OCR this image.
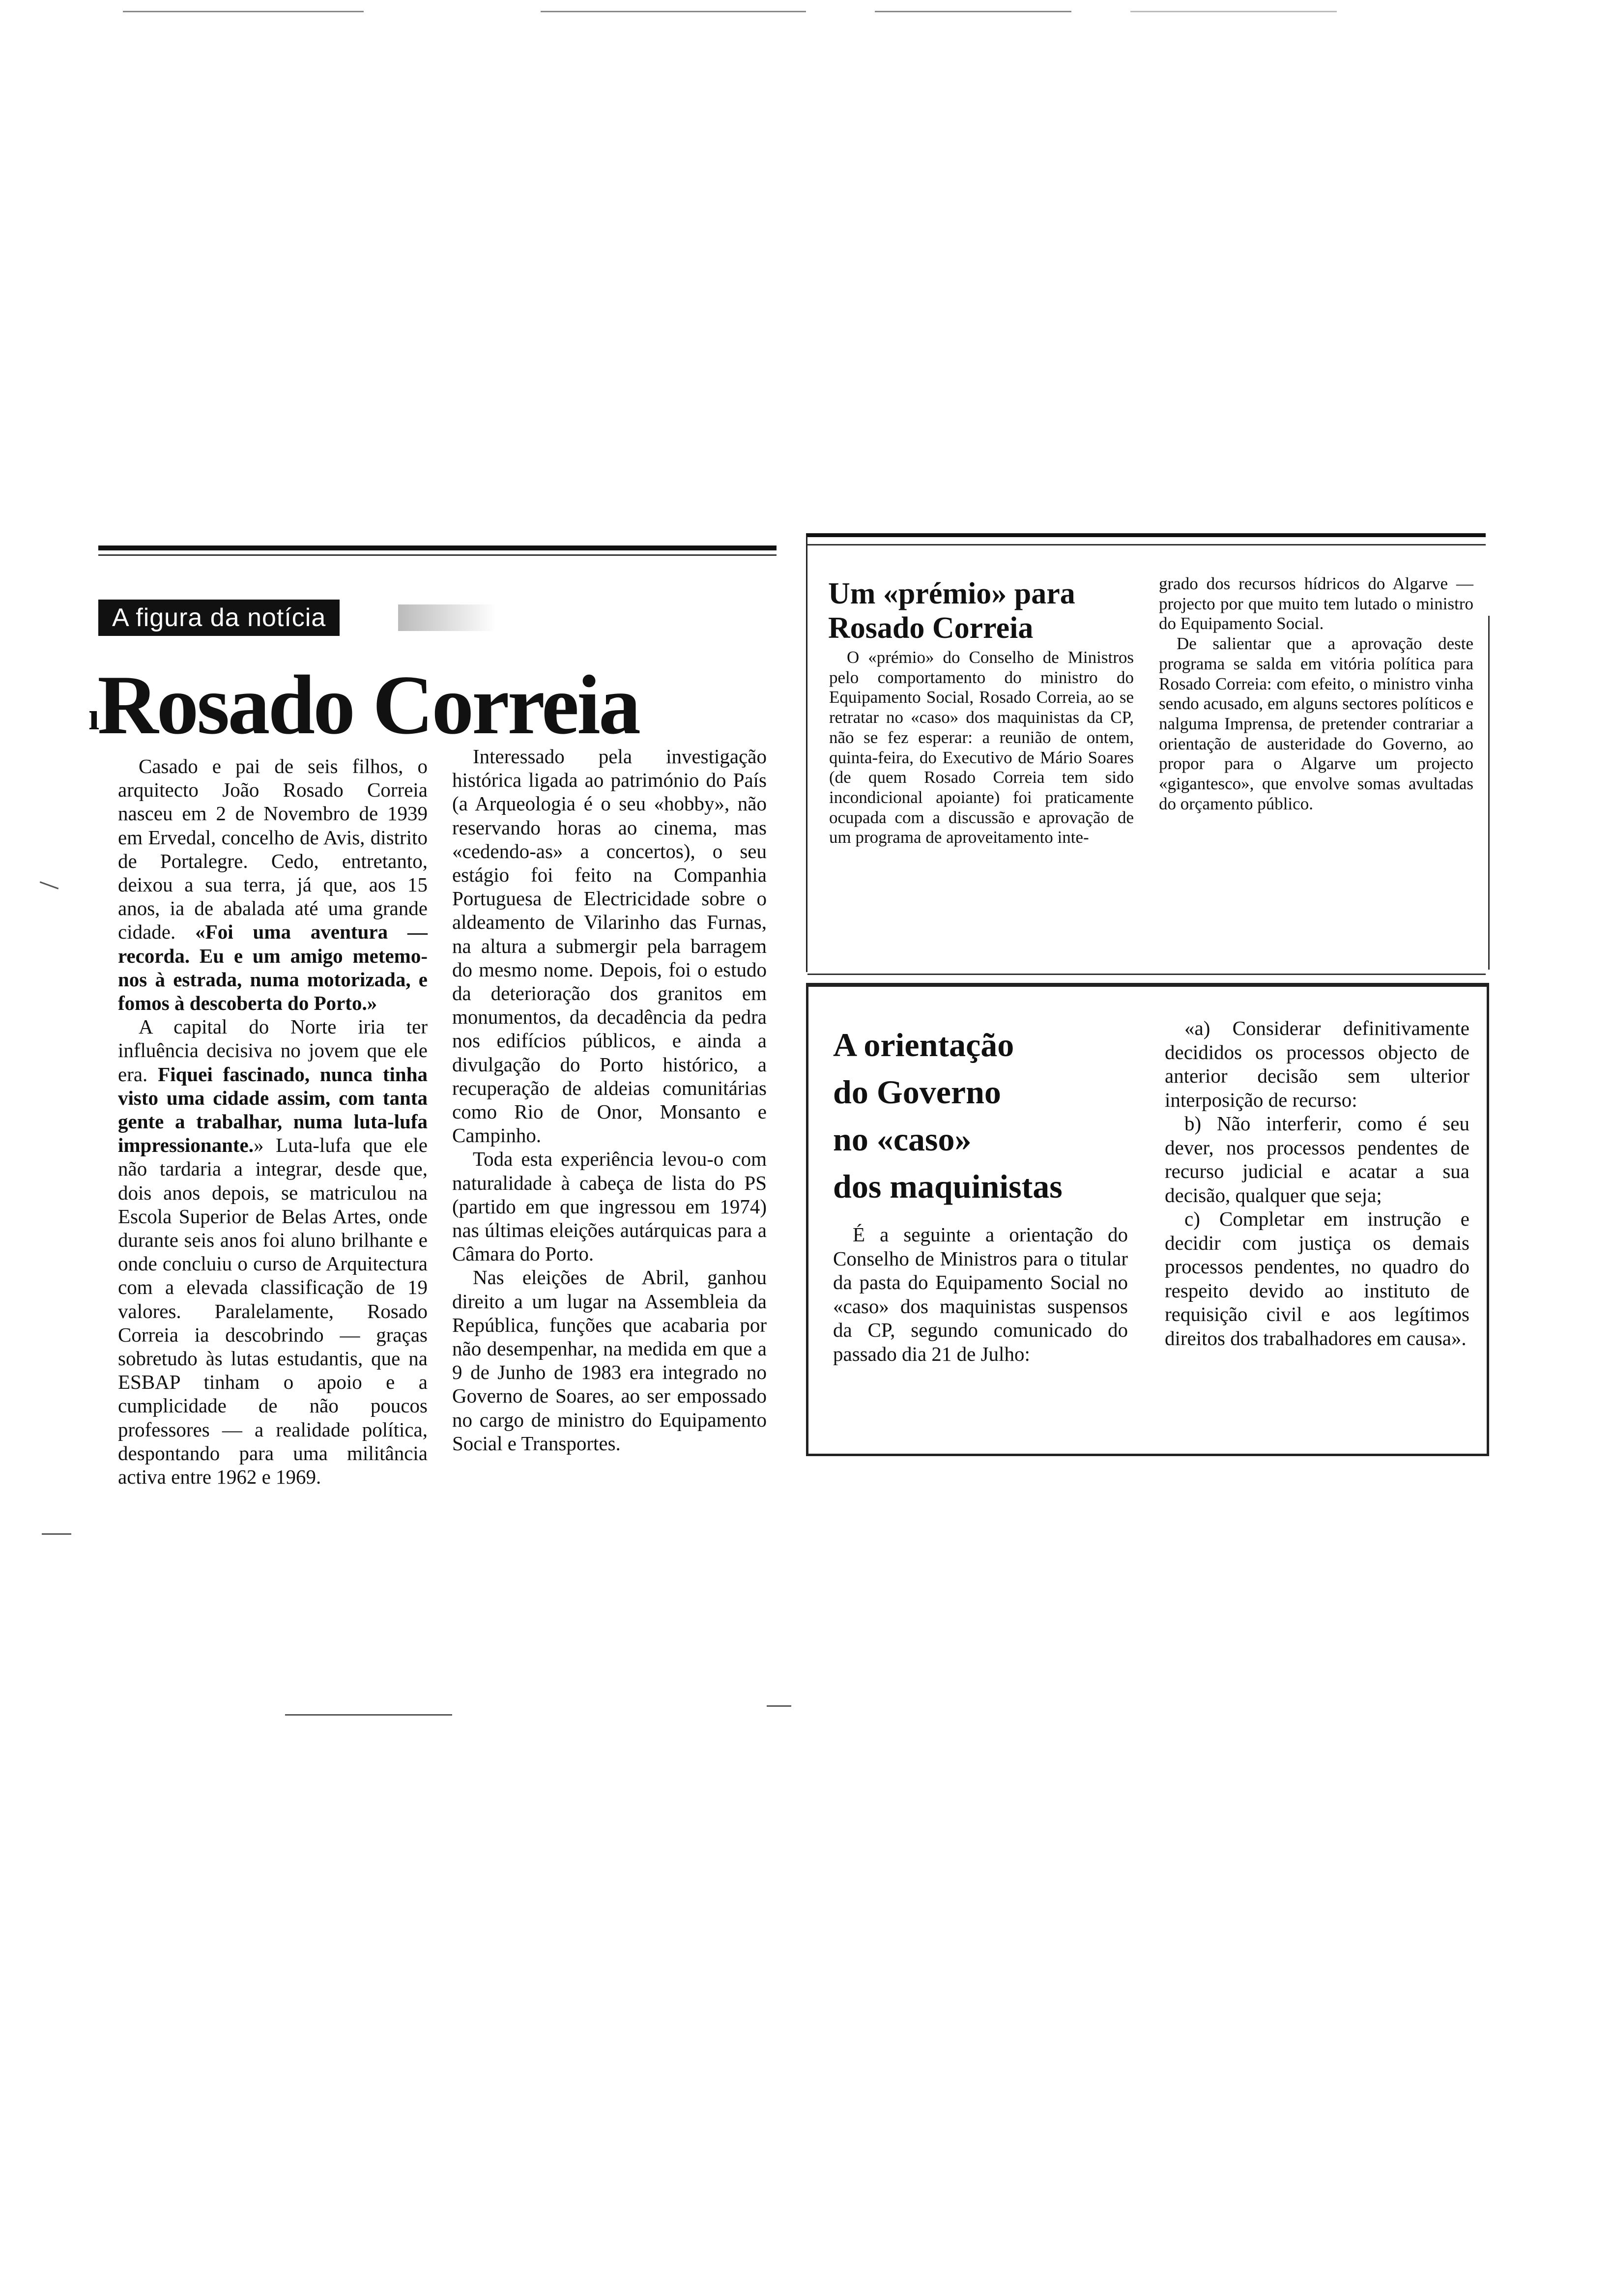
A figura da notícia
ıRosado Correia

Casado e pai de seis filhos, o arquitecto João Rosado Correia nasceu em 2 de Novembro de 1939 em Ervedal, concelho de Avis, distrito de Portalegre. Cedo, entretanto, deixou a sua terra, já que, aos 15 anos, ia de abalada até uma grande cidade. «Foi uma aventura — recorda. Eu e um amigo metemo-nos à estrada, numa motorizada, e fomos à descoberta do Porto.»

A capital do Norte iria ter influência decisiva no jovem que ele era. Fiquei fascinado, nunca tinha visto uma cidade assim, com tanta gente a trabalhar, numa luta-lufa impressionante.» Luta-lufa que ele não tardaria a integrar, desde que, dois anos depois, se matriculou na Escola Superior de Belas Artes, onde durante seis anos foi aluno brilhante e onde concluiu o curso de Arquitectura com a elevada classificação de 19 valores. Paralelamente, Rosado Correia ia descobrindo — graças sobretudo às lutas estudantis, que na ESBAP tinham o apoio e a cumplicidade de não poucos professores — a realidade política, despontando para uma militância activa entre 1962 e 1969.

Interessado pela investigação histórica ligada ao património do País (a Arqueologia é o seu «hobby», não reservando horas ao cinema, mas «cedendo-as» a concertos), o seu estágio foi feito na Companhia Portuguesa de Electricidade sobre o aldeamento de Vilarinho das Furnas, na altura a submergir pela barragem do mesmo nome. Depois, foi o estudo da deterioração dos granitos em monumentos, da decadência da pedra nos edifícios públicos, e ainda a divulgação do Porto histórico, a recuperação de aldeias comunitárias como Rio de Onor, Monsanto e Campinho.

Toda esta experiência levou-o com naturalidade à cabeça de lista do PS (partido em que ingressou em 1974) nas últimas eleições autárquicas para a Câmara do Porto.

Nas eleições de Abril, ganhou direito a um lugar na Assembleia da República, funções que acabaria por não desempenhar, na medida em que a 9 de Junho de 1983 era integrado no Governo de Soares, ao ser empossado no cargo de ministro do Equipamento Social e Transportes.

Um «prémio» para Rosado Correia

O «prémio» do Conselho de Ministros pelo comportamento do ministro do Equipamento Social, Rosado Correia, ao se retratar no «caso» dos maquinistas da CP, não se fez esperar: a reunião de ontem, quinta-feira, do Executivo de Mário Soares (de quem Rosado Correia tem sido incondicional apoiante) foi praticamente ocupada com a discussão e aprovação de um programa de aproveitamento inte-

grado dos recursos hídricos do Algarve — projecto por que muito tem lutado o ministro do Equipamento Social.

De salientar que a aprovação deste programa se salda em vitória política para Rosado Correia: com efeito, o ministro vinha sendo acusado, em alguns sectores políticos e nalguma Imprensa, de pretender contrariar a orientação de austeridade do Governo, ao propor para o Algarve um projecto «gigantesco», que envolve somas avultadas do orçamento público.

A orientação
do Governo
no «caso»
dos maquinistas

É a seguinte a orientação do Conselho de Ministros para o titular da pasta do Equipamento Social no «caso» dos maquinistas suspensos da CP, segundo comunicado do passado dia 21 de Julho:

«a) Considerar definitivamente decididos os processos objecto de anterior decisão sem ulterior interposição de recurso:

b) Não interferir, como é seu dever, nos processos pendentes de recurso judicial e acatar a sua decisão, qualquer que seja;

c) Completar em instrução e decidir com justiça os demais processos pendentes, no quadro do respeito devido ao instituto de requisição civil e aos legítimos direitos dos trabalhadores em causa».
